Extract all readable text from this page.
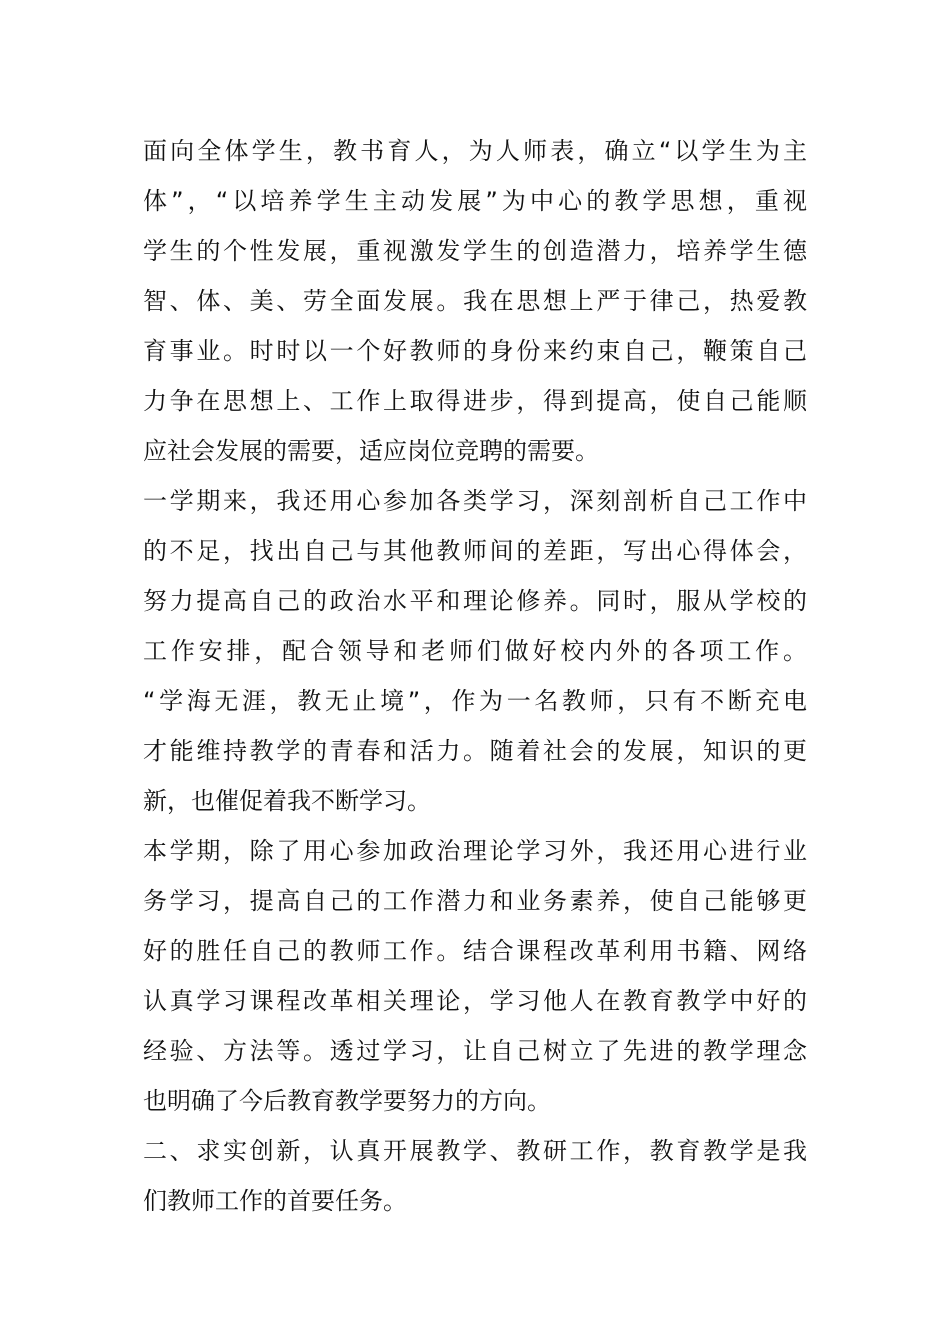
面向全体学生，教书育人，为人师表，确立“以学生为主
体”，“以培养学生主动发展”为中心的教学思想，重视
学生的个性发展，重视激发学生的创造潜力，培养学生德
智、体、美、劳全面发展。我在思想上严于律己，热爱教
育事业。时时以一个好教师的身份来约束自己，鞭策自己
力争在思想上、工作上取得进步，得到提高，使自己能顺
应社会发展的需要，适应岗位竞聘的需要。
一学期来，我还用心参加各类学习，深刻剖析自己工作中
的不足，找出自己与其他教师间的差距，写出心得体会，
努力提高自己的政治水平和理论修养。同时，服从学校的
工作安排，配合领导和老师们做好校内外的各项工作。
“学海无涯，教无止境”，作为一名教师，只有不断充电
才能维持教学的青春和活力。随着社会的发展，知识的更
新，也催促着我不断学习。
本学期，除了用心参加政治理论学习外，我还用心进行业
务学习，提高自己的工作潜力和业务素养，使自己能够更
好的胜任自己的教师工作。结合课程改革利用书籍、网络
认真学习课程改革相关理论，学习他人在教育教学中好的
经验、方法等。透过学习，让自己树立了先进的教学理念
也明确了今后教育教学要努力的方向。
二、求实创新，认真开展教学、教研工作，教育教学是我
们教师工作的首要任务。
